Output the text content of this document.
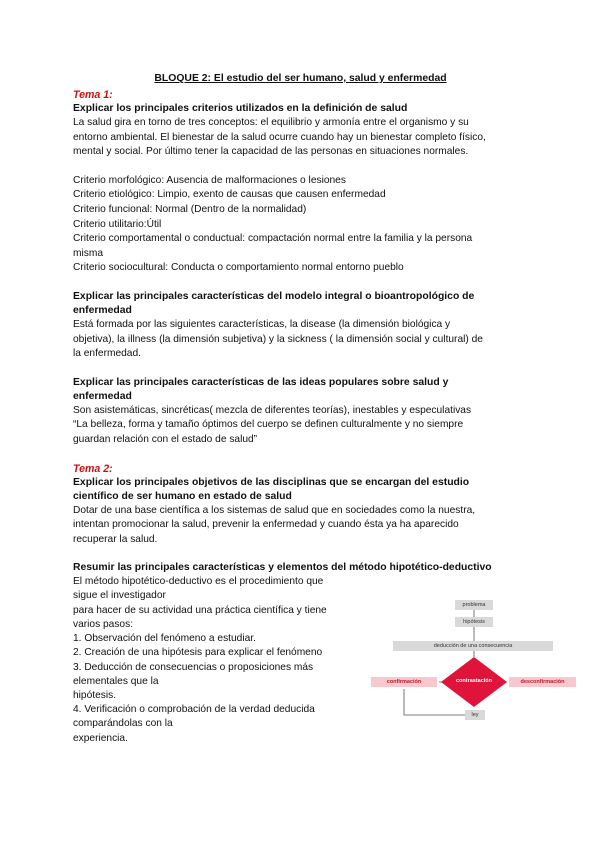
BLOQUE 2: El estudio del ser humano, salud y enfermedad

Tema 1:

Explicar los principales criterios utilizados en la definición de salud

La salud gira en torno de tres conceptos: el equilibrio y armonía entre el organismo y su

entorno ambiental. El bienestar de la salud ocurre cuando hay un bienestar completo físico,

mental y social. Por último tener la capacidad de las personas en situaciones normales.

Criterio morfológico: Ausencia de malformaciones o lesiones

Criterio etiológico: Limpio, exento de causas que causen enfermedad

Criterio funcional: Normal (Dentro de la normalidad)

Criterio utilitario:Útil

Criterio comportamental o conductual: compactación normal entre la familia y la persona

misma

Criterio sociocultural: Conducta o comportamiento normal entorno pueblo

Explicar las principales características del modelo integral o bioantropológico de

enfermedad

Está formada por las siguientes características, la disease (la dimensión biológica y

objetiva), la illness (la dimensión subjetiva) y la sickness ( la dimensión social y cultural) de

la enfermedad.

Explicar las principales características de las ideas populares sobre salud y

enfermedad

Son asistemáticas, sincréticas( mezcla de diferentes teorías), inestables y especulativas

“La belleza, forma y tamaño óptimos del cuerpo se definen culturalmente y no siempre

guardan relación con el estado de salud”

Tema 2:

Explicar los principales objetivos de las disciplinas que se encargan del estudio

científico de ser humano en estado de salud

Dotar de una base científica a los sistemas de salud que en sociedades como la nuestra,

intentan promocionar la salud, prevenir la enfermedad y cuando ésta ya ha aparecido

recuperar la salud.

Resumir las principales características y elementos del método hipotético-deductivo

El método hipotético-deductivo es el procedimiento que

sigue el investigador

para hacer de su actividad una práctica científica y tiene

varios pasos:

1. Observación del fenómeno a estudiar.

2. Creación de una hipótesis para explicar el fenómeno

3. Deducción de consecuencias o proposiciones más

elementales que la

hipótesis.

4. Verificación o comprobación de la verdad deducida

comparándolas con la

experiencia.

problema
hipótesis
deducción de una consecuencia
contrastación
confirmación	desconfirmación
ley
